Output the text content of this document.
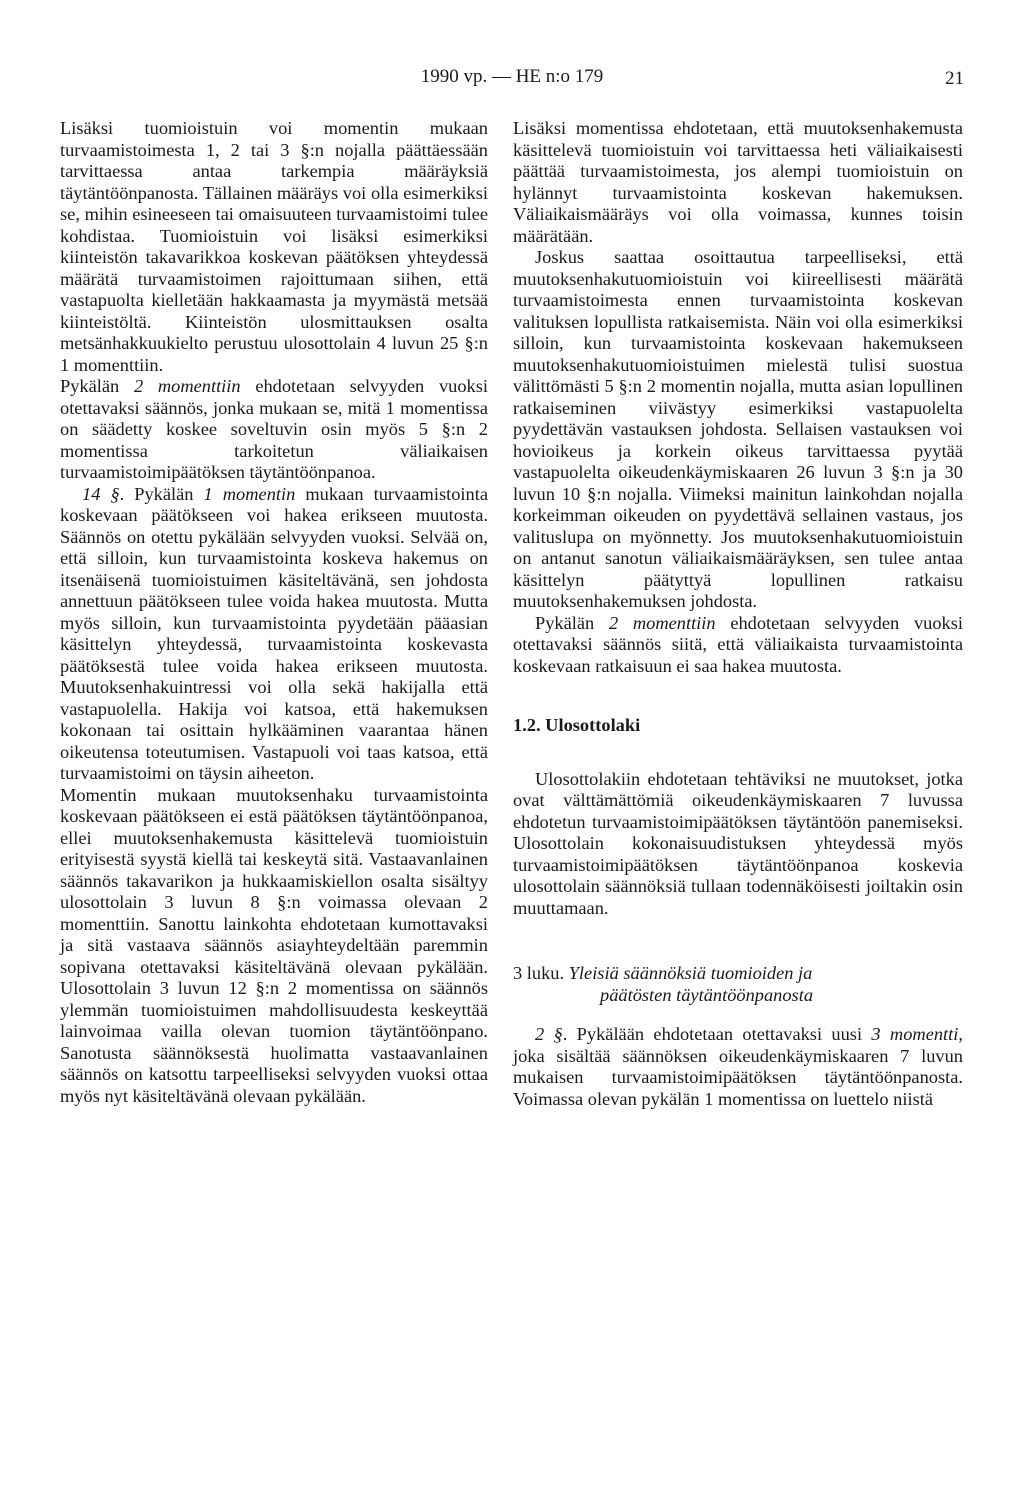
1990 vp. — HE n:o 179	21

Lisäksi tuomioistuin voi momentin mukaan turvaamistoimesta 1, 2 tai 3 §:n nojalla päättäessään tarvittaessa antaa tarkempia määräyksiä täytäntöönpanosta. Tällainen määräys voi olla esimerkiksi se, mihin esineeseen tai omaisuuteen turvaamistoimi tulee kohdistaa. Tuomioistuin voi lisäksi esimerkiksi kiinteistön takavarikkoa koskevan päätöksen yhteydessä määrätä turvaamistoimen rajoittumaan siihen, että vastapuolta kielletään hakkaamasta ja myymästä metsää kiinteistöltä. Kiinteistön ulosmittauksen osalta metsänhakkuukielto perustuu ulosottolain 4 luvun 25 §:n 1 momenttiin.

Pykälän 2 momenttiin ehdotetaan selvyyden vuoksi otettavaksi säännös, jonka mukaan se, mitä 1 momentissa on säädetty koskee soveltuvin osin myös 5 §:n 2 momentissa tarkoitetun väliaikaisen turvaamistoimipäätöksen täytäntöönpanoa.

14 §. Pykälän 1 momentin mukaan turvaamistointa koskevaan päätökseen voi hakea erikseen muutosta. Säännös on otettu pykälään selvyyden vuoksi. Selvää on, että silloin, kun turvaamistointa koskeva hakemus on itsenäisenä tuomioistuimen käsiteltävänä, sen johdosta annettuun päätökseen tulee voida hakea muutosta. Mutta myös silloin, kun turvaamistointa pyydetään pääasian käsittelyn yhteydessä, turvaamistointa koskevasta päätöksestä tulee voida hakea erikseen muutosta. Muutoksenhakuintressi voi olla sekä hakijalla että vastapuolella. Hakija voi katsoa, että hakemuksen kokonaan tai osittain hylkääminen vaarantaa hänen oikeutensa toteutumisen. Vastapuoli voi taas katsoa, että turvaamistoimi on täysin aiheeton.

Momentin mukaan muutoksenhaku turvaamistointa koskevaan päätökseen ei estä päätöksen täytäntöönpanoa, ellei muutoksenhakemusta käsittelevä tuomioistuin erityisestä syystä kiellä tai keskeytä sitä. Vastaavanlainen säännös takavarikon ja hukkaamiskiellon osalta sisältyy ulosottolain 3 luvun 8 §:n voimassa olevaan 2 momenttiin. Sanottu lainkohta ehdotetaan kumottavaksi ja sitä vastaava säännös asiayhteydeltään paremmin sopivana otettavaksi käsiteltävänä olevaan pykälään. Ulosottolain 3 luvun 12 §:n 2 momentissa on säännös ylemmän tuomioistuimen mahdollisuudesta keskeyttää lainvoimaa vailla olevan tuomion täytäntöönpano. Sanotusta säännöksestä huolimatta vastaavanlainen säännös on katsottu tarpeelliseksi selvyyden vuoksi ottaa myös nyt käsiteltävänä olevaan pykälään.

Lisäksi momentissa ehdotetaan, että muutoksenhakemusta käsittelevä tuomioistuin voi tarvittaessa heti väliaikaisesti päättää turvaamistoimesta, jos alempi tuomioistuin on hylännyt turvaamistointa koskevan hakemuksen. Väliaikaismääräys voi olla voimassa, kunnes toisin määrätään.

Joskus saattaa osoittautua tarpeelliseksi, että muutoksenhakutuomioistuin voi kiireellisesti määrätä turvaamistoimesta ennen turvaamistointa koskevan valituksen lopullista ratkaisemista. Näin voi olla esimerkiksi silloin, kun turvaamistointa koskevaan hakemukseen muutoksenhakutuomioistuimen mielestä tulisi suostua välittömästi 5 §:n 2 momentin nojalla, mutta asian lopullinen ratkaiseminen viivästyy esimerkiksi vastapuolelta pyydettävän vastauksen johdosta. Sellaisen vastauksen voi hovioikeus ja korkein oikeus tarvittaessa pyytää vastapuolelta oikeudenkäymiskaaren 26 luvun 3 §:n ja 30 luvun 10 §:n nojalla. Viimeksi mainitun lainkohdan nojalla korkeimman oikeuden on pyydettävä sellainen vastaus, jos valituslupa on myönnetty. Jos muutoksenhakutuomioistuin on antanut sanotun väliaikaismääräyksen, sen tulee antaa käsittelyn päätyttyä lopullinen ratkaisu muutoksenhakemuksen johdosta.

Pykälän 2 momenttiin ehdotetaan selvyyden vuoksi otettavaksi säännös siitä, että väliaikaista turvaamistointa koskevaan ratkaisuun ei saa hakea muutosta.

1.2. Ulosottolaki

Ulosottolakiin ehdotetaan tehtäviksi ne muutokset, jotka ovat välttämättömiä oikeudenkäymiskaaren 7 luvussa ehdotetun turvaamistoimipäätöksen täytäntöön panemiseksi. Ulosottolain kokonaisuudistuksen yhteydessä myös turvaamistoimipäätöksen täytäntöönpanoa koskevia ulosottolain säännöksiä tullaan todennäköisesti joiltakin osin muuttamaan.

3 luku. Yleisiä säännöksiä tuomioiden ja
päätösten täytäntöönpanosta

2 §. Pykälään ehdotetaan otettavaksi uusi 3 momentti, joka sisältää säännöksen oikeudenkäymiskaaren 7 luvun mukaisen turvaamistoimipäätöksen täytäntöönpanosta. Voimassa olevan pykälän 1 momentissa on luettelo niistä
